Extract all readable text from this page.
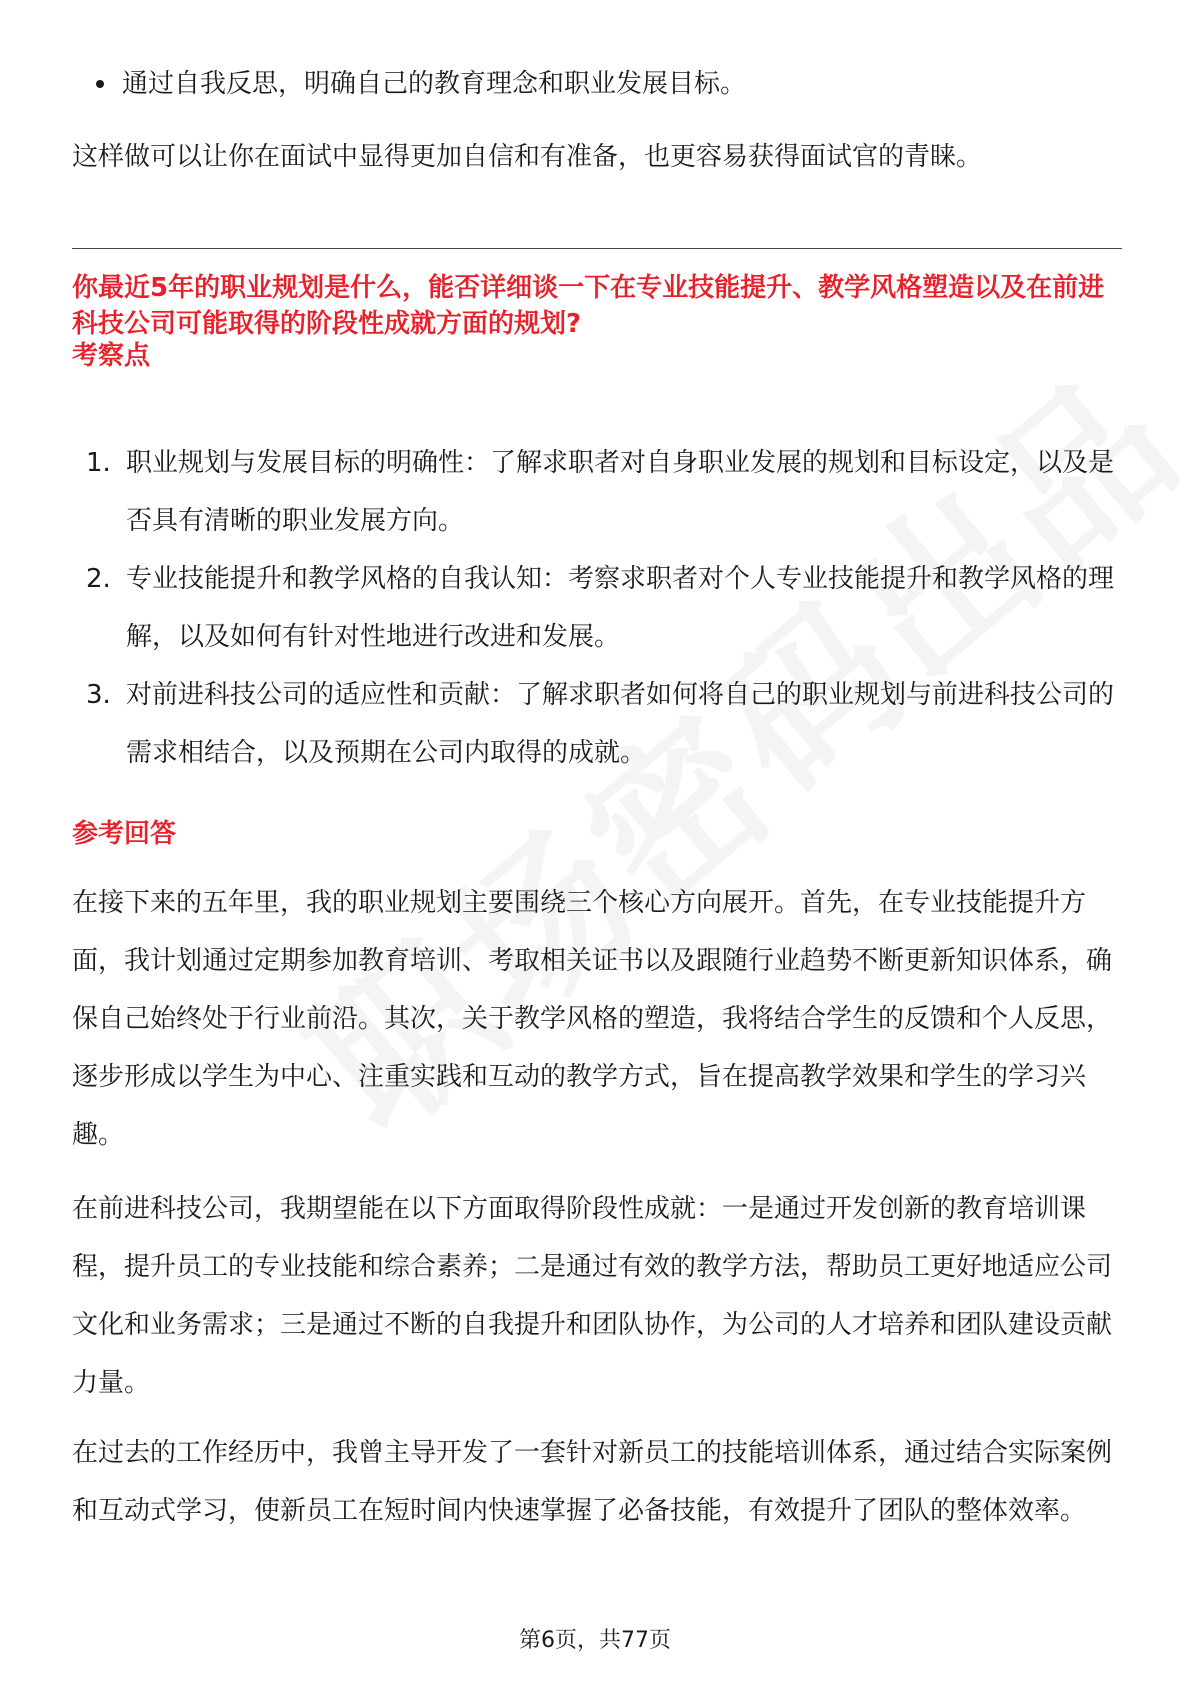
通过自我反思，明确自己的教育理念和职业发展目标。

这样做可以让你在面试中显得更加自信和有准备，也更容易获得面试官的青睐。

你最近5年的职业规划是什么，能否详细谈一下在专业技能提升、教学风格塑造以及在前进科技公司可能取得的阶段性成就方面的规划?

考察点

1. 职业规划与发展目标的明确性：了解求职者对自身职业发展的规划和目标设定，以及是否具有清晰的职业发展方向。
2. 专业技能提升和教学风格的自我认知：考察求职者对个人专业技能提升和教学风格的理解，以及如何有针对性地进行改进和发展。
3. 对前进科技公司的适应性和贡献：了解求职者如何将自己的职业规划与前进科技公司的需求相结合，以及预期在公司内取得的成就。

参考回答

在接下来的五年里，我的职业规划主要围绕三个核心方向展开。首先，在专业技能提升方面，我计划通过定期参加教育培训、考取相关证书以及跟随行业趋势不断更新知识体系，确保自己始终处于行业前沿。其次，关于教学风格的塑造，我将结合学生的反馈和个人反思，逐步形成以学生为中心、注重实践和互动的教学方式，旨在提高教学效果和学生的学习兴趣。

在前进科技公司，我期望能在以下方面取得阶段性成就：一是通过开发创新的教育培训课程，提升员工的专业技能和综合素养；二是通过有效的教学方法，帮助员工更好地适应公司文化和业务需求；三是通过不断的自我提升和团队协作，为公司的人才培养和团队建设贡献力量。

在过去的工作经历中，我曾主导开发了一套针对新员工的技能培训体系，通过结合实际案例和互动式学习，使新员工在短时间内快速掌握了必备技能，有效提升了团队的整体效率。

第6页，共77页
